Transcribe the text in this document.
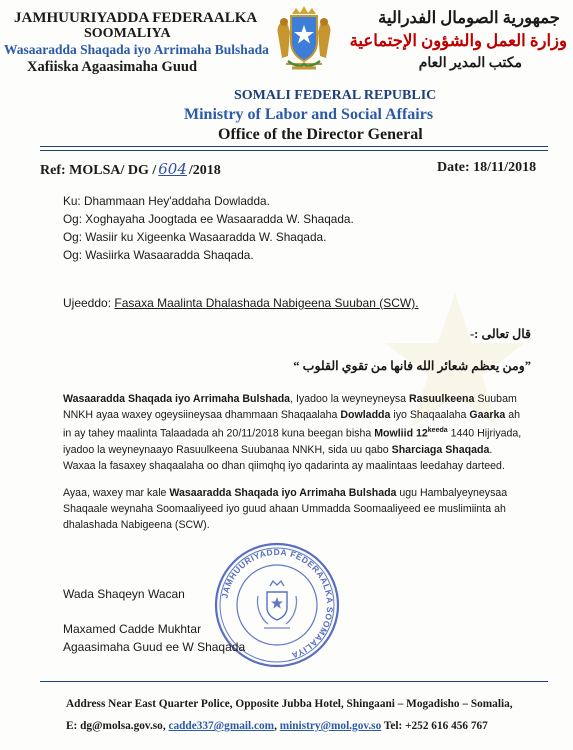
JAMHUURIYADDA FEDERAALKA
SOOMALIYA
Wasaaradda Shaqada iyo Arrimaha Bulshada
Xafiiska Agaasimaha Guud
جمهورية الصومال الفدرالية
وزارة العمل والشؤون الإجتماعية
مكتب المدير العام
SOMALI FEDERAL REPUBLIC
Ministry of Labor and Social Affairs
Office of the Director General
Ref: MOLSA/ DG / 604 /2018	Date: 18/11/2018
Ku: Dhammaan Hey'addaha Dowladda.
Og: Xoghayaha Joogtada ee Wasaaradda W. Shaqada.
Og: Wasiir ku Xigeenka Wasaaradda W. Shaqada.
Og: Wasiirka Wasaaradda Shaqada.
Ujeeddo: Fasaxa Maalinta Dhalashada Nabigeena Suuban (SCW).
قال تعالى :-
”ومن يعظم شعائر الله فانها من تقوي القلوب “
Wasaaradda Shaqada iyo Arrimaha Bulshada, Iyadoo la weyneyneysa Rasuulkeena Suubam NNKH ayaa waxey ogeysiineysaa dhammaan Shaqaalaha Dowladda iyo Shaqaalaha Gaarka ah in ay tahey maalinta Talaadada ah 20/11/2018 kuna beegan bisha Mowliid $12^{keeda}$ 1440 Hijriyada, iyadoo la weyneynaayo Rasuulkeena Suubanaa NNKH, sida uu qabo Sharciaga Shaqada. Waxaa la fasaxey shaqaalaha oo dhan qiimqhq iyo qadarinta ay maalintaas leedahay darteed.
Ayaa, waxey mar kale Wasaaradda Shaqada iyo Arrimaha Bulshada ugu Hambalyeyneysaa Shaqaale weynaha Soomaaliyeed iyo guud ahaan Ummadda Soomaaliyeed ee muslimiinta ah dhalashada Nabigeena (SCW).
JAMHUURIYADDA FEDERAALKA SOOMAALIYA
Wada Shaqeyn Wacan
Maxamed Cadde Mukhtar
Agaasimaha Guud ee W Shaqada
Address Near East Quarter Police, Opposite Jubba Hotel, Shingaani – Mogadisho – Somalia,
E: dg@molsa.gov.so, cadde337@gmail.com, ministry@mol.gov.so Tel: +252 616 456 767
